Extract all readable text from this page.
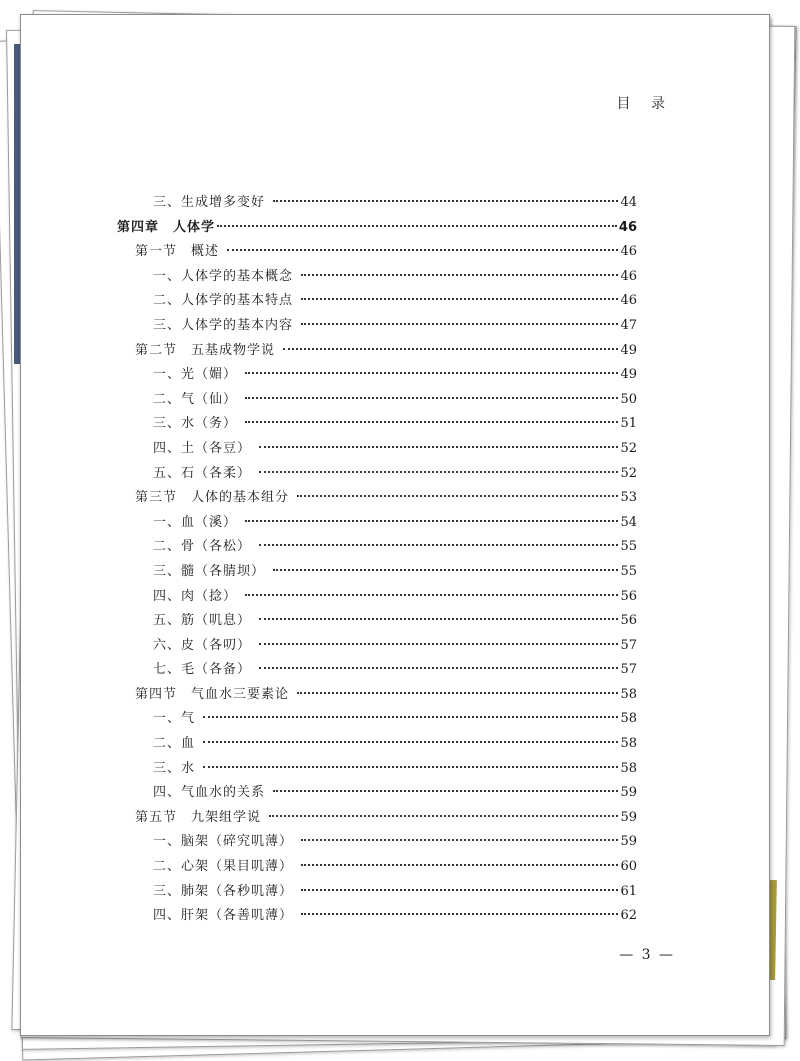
目 录
三、生成增多变好	44
第四章　人体学	46
第一节　概述	46
一、人体学的基本概念	46
二、人体学的基本特点	46
三、人体学的基本内容	47
第二节　五基成物学说	49
一、光（媚）	49
二、气（仙）	50
三、水（务）	51
四、土（各豆）	52
五、石（各柔）	52
第三节　人体的基本组分	53
一、血（溪）	54
二、骨（各松）	55
三、髓（各腈坝）	55
四、肉（捻）	56
五、筋（叽息）	56
六、皮（各叨）	57
七、毛（各备）	57
第四节　气血水三要素论	58
一、气	58
二、血	58
三、水	58
四、气血水的关系	59
第五节　九架组学说	59
一、脑架（碎究叽薄）	59
二、心架（果目叽薄）	60
三、肺架（各秒叽薄）	61
四、肝架（各善叽薄）	62
— 3 —
